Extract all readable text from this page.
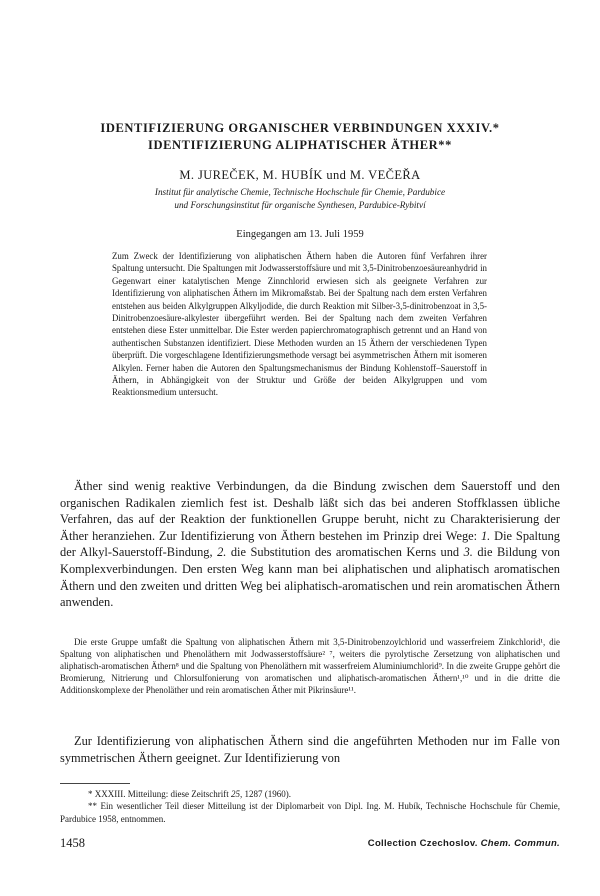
IDENTIFIZIERUNG ORGANISCHER VERBINDUNGEN XXXIV.*
IDENTIFIZIERUNG ALIPHATISCHER ÄTHER**

M. JUREČEK, M. HUBÍK und M. VEČEŘA

Institut für analytische Chemie, Technische Hochschule für Chemie, Pardubice
und Forschungsinstitut für organische Synthesen, Pardubice-Rybitví

Eingegangen am 13. Juli 1959

Zum Zweck der Identifizierung von aliphatischen Äthern haben die Autoren fünf Verfahren ihrer Spaltung untersucht. Die Spaltungen mit Jodwasserstoffsäure und mit 3,5-Dinitrobenzoesäureanhydrid in Gegenwart einer katalytischen Menge Zinnchlorid erwiesen sich als geeignete Verfahren zur Identifizierung von aliphatischen Äthern im Mikromaßstab. Bei der Spaltung nach dem ersten Verfahren entstehen aus beiden Alkylgruppen Alkyljodide, die durch Reaktion mit Silber-3,5-dinitrobenzoat in 3,5-Dinitrobenzoesäure-alkylester übergeführt werden. Bei der Spaltung nach dem zweiten Verfahren entstehen diese Ester unmittelbar. Die Ester werden papierchromatographisch getrennt und an Hand von authentischen Substanzen identifiziert. Diese Methoden wurden an 15 Äthern der verschiedenen Typen überprüft. Die vorgeschlagene Identifizierungsmethode versagt bei asymmetrischen Äthern mit isomeren Alkylen. Ferner haben die Autoren den Spaltungsmechanismus der Bindung Kohlenstoff–Sauerstoff in Äthern, in Abhängigkeit von der Struktur und Größe der beiden Alkylgruppen und vom Reaktionsmedium untersucht.

Äther sind wenig reaktive Verbindungen, da die Bindung zwischen dem Sauerstoff und den organischen Radikalen ziemlich fest ist. Deshalb läßt sich das bei anderen Stoffklassen übliche Verfahren, das auf der Reaktion der funktionellen Gruppe beruht, nicht zu Charakterisierung der Äther heranziehen. Zur Identifizierung von Äthern bestehen im Prinzip drei Wege: 1. Die Spaltung der Alkyl-Sauerstoff-Bindung, 2. die Substitution des aromatischen Kerns und 3. die Bildung von Komplexverbindungen. Den ersten Weg kann man bei aliphatischen und aliphatisch aromatischen Äthern und den zweiten und dritten Weg bei aliphatisch-aromatischen und rein aromatischen Äthern anwenden.

Die erste Gruppe umfaßt die Spaltung von aliphatischen Äthern mit 3,5-Dinitrobenzoylchlorid und wasserfreiem Zinkchlorid¹, die Spaltung von aliphatischen und Phenoläthern mit Jodwasserstoffsäure² ⁷, weiters die pyrolytische Zersetzung von aliphatischen und aliphatisch-aromatischen Äthern⁸ und die Spaltung von Phenoläthern mit wasserfreiem Aluminiumchlorid⁹. In die zweite Gruppe gehört die Bromierung, Nitrierung und Chlorsulfonierung von aromatischen und aliphatisch-aromatischen Äthern¹,¹⁰ und in die dritte die Additionskomplexe der Phenoläther und rein aromatischen Äther mit Pikrinsäure¹¹.

Zur Identifizierung von aliphatischen Äthern sind die angeführten Methoden nur im Falle von symmetrischen Äthern geeignet. Zur Identifizierung von

* XXXIII. Mitteilung: diese Zeitschrift 25, 1287 (1960).

** Ein wesentlicher Teil dieser Mitteilung ist der Diplomarbeit von Dipl. Ing. M. Hubík, Technische Hochschule für Chemie, Pardubice 1958, entnommen.

1458	Collection Czechoslov. Chem. Commun.
